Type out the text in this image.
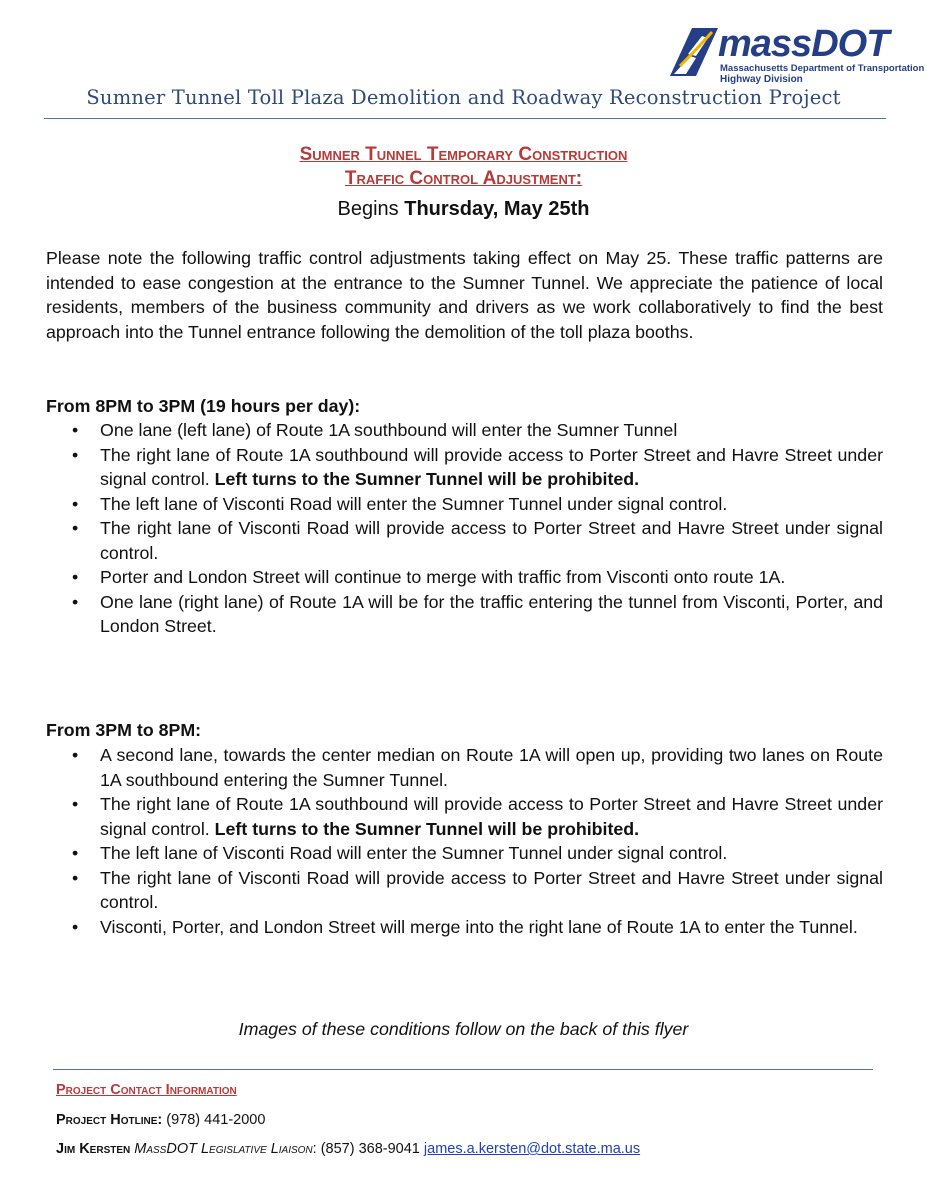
massDOT
Massachusetts Department of Transportation
Highway Division
Sumner Tunnel Toll Plaza Demolition and Roadway Reconstruction Project
Sumner Tunnel Temporary Construction
Traffic Control Adjustment:
Begins Thursday, May 25th
Please note the following traffic control adjustments taking effect on May 25. These traffic patterns are intended to ease congestion at the entrance to the Sumner Tunnel. We appreciate the patience of local residents, members of the business community and drivers as we work collaboratively to find the best approach into the Tunnel entrance following the demolition of the toll plaza booths.
From 8PM to 3PM (19 hours per day):
• One lane (left lane) of Route 1A southbound will enter the Sumner Tunnel
• The right lane of Route 1A southbound will provide access to Porter Street and Havre Street under signal control. Left turns to the Sumner Tunnel will be prohibited.
• The left lane of Visconti Road will enter the Sumner Tunnel under signal control.
• The right lane of Visconti Road will provide access to Porter Street and Havre Street under signal control.
• Porter and London Street will continue to merge with traffic from Visconti onto route 1A.
• One lane (right lane) of Route 1A will be for the traffic entering the tunnel from Visconti, Porter, and London Street.
From 3PM to 8PM:
• A second lane, towards the center median on Route 1A will open up, providing two lanes on Route 1A southbound entering the Sumner Tunnel.
• The right lane of Route 1A southbound will provide access to Porter Street and Havre Street under signal control. Left turns to the Sumner Tunnel will be prohibited.
• The left lane of Visconti Road will enter the Sumner Tunnel under signal control.
• The right lane of Visconti Road will provide access to Porter Street and Havre Street under signal control.
• Visconti, Porter, and London Street will merge into the right lane of Route 1A to enter the Tunnel.
Images of these conditions follow on the back of this flyer
Project Contact Information
Project Hotline: (978) 441-2000
Jim Kersten MassDOT Legislative Liaison: (857) 368-9041 james.a.kersten@dot.state.ma.us
